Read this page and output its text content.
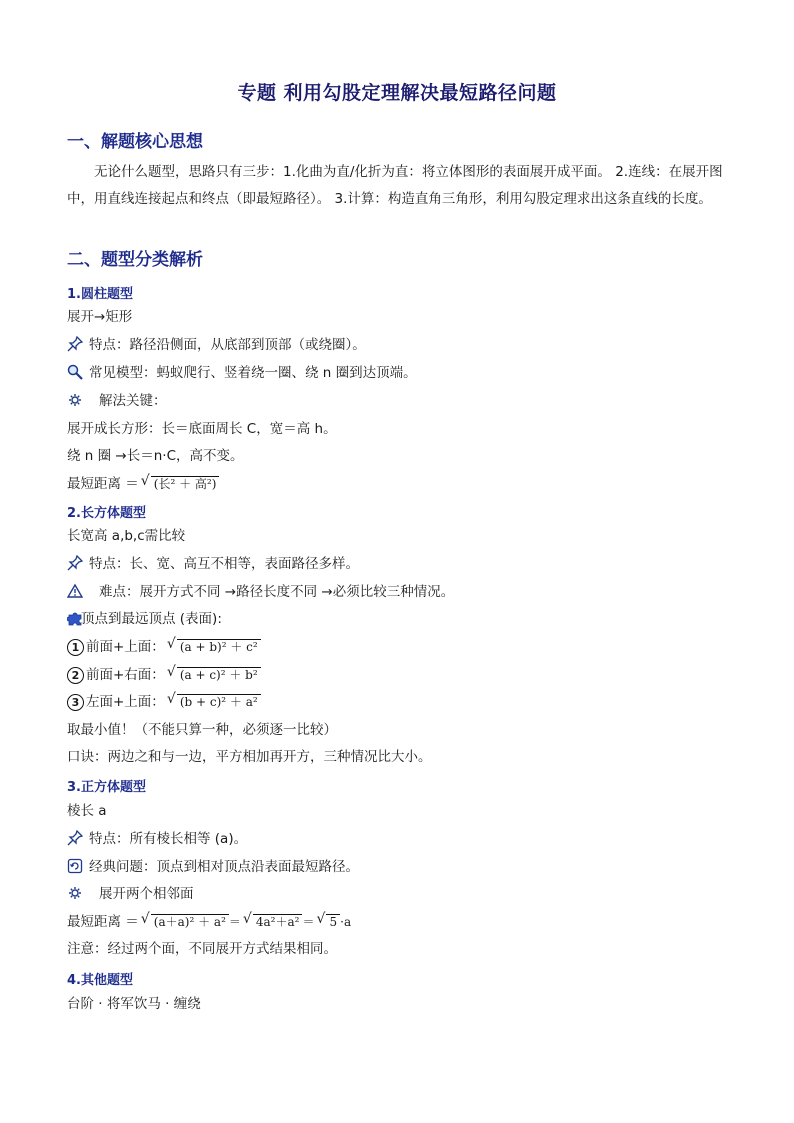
专题 利用勾股定理解决最短路径问题
一、解题核心思想
无论什么题型，思路只有三步：1.化曲为直/化折为直：将立体图形的表面展开成平面。 2.连线：在展开图中，用直线连接起点和终点（即最短路径）。 3.计算：构造直角三角形，利用勾股定理求出这条直线的长度。
二、题型分类解析
1.圆柱题型
展开→矩形
特点：路径沿侧面，从底部到顶部（或绕圈）。
常见模型：蚂蚁爬行、竖着绕一圈、绕 n 圈到达顶端。
解法关键：
展开成长方形：长＝底面周长 C，宽＝高 h。
绕 n 圈 →长＝n·C，高不变。
最短距离 ＝ √ (长² ＋ 高²)
2.长方体题型
长宽高 a,b,c需比较
特点：长、宽、高互不相等，表面路径多样。
难点：展开方式不同 →路径长度不同 →必须比较三种情况。
顶点到最远顶点 (表面):
1 前面+上面： √ (a + b)² ＋ c²
2 前面+右面： √ (a + c)² ＋ b²
3 左面+上面： √ (b + c)² ＋ a²
取最小值！（不能只算一种，必须逐一比较）
口诀：两边之和与一边，平方相加再开方，三种情况比大小。
3.正方体题型
棱长 a
特点：所有棱长相等 (a)。
经典问题：顶点到相对顶点沿表面最短路径。
展开两个相邻面
最短距离 ＝ √ (a＋a)² ＋ a² ＝ √ 4a²＋a² ＝ √ 5 ·a
注意：经过两个面，不同展开方式结果相同。
4.其他题型
台阶 · 将军饮马 · 缠绕
